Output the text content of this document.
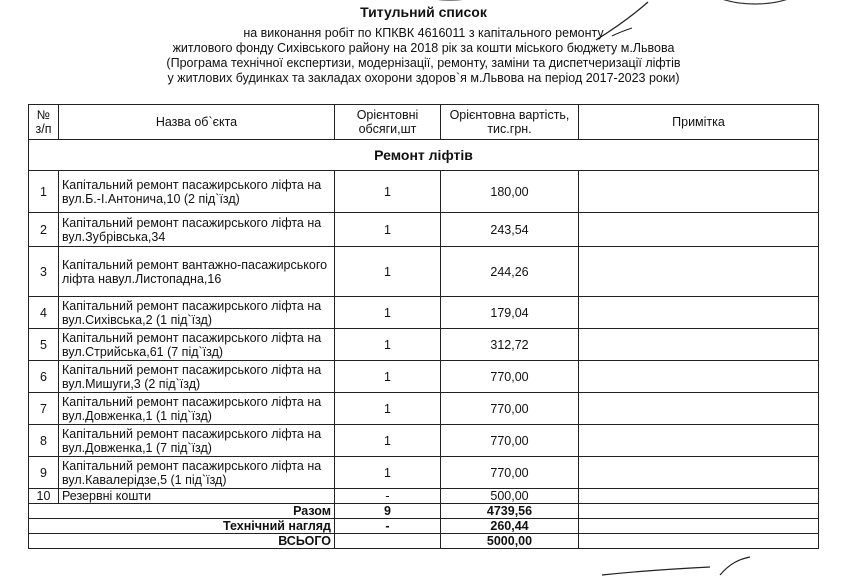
Титульний список
на виконання робіт по КПКВК 4616011 з капітального ремонту
житлового фонду Сихівського району на 2018 рік за кошти міського бюджету м.Львова
(Програма технічної експертизи, модернізації, ремонту, заміни та диспетчеризації ліфтів
у житлових будинках та закладах охорони здоров`я м.Львова на період 2017-2023 роки)
№ з/п	Назва об`єкта	Орієнтовні обсяги,шт	Орієнтовна вартість, тис.грн.	Примітка
Ремонт ліфтів				
1	Капітальний ремонт пасажирського ліфта на вул.Б.-І.Антонича,10 (2 під`їзд)	1	180,00	
2	Капітальний ремонт пасажирського ліфта на вул.Зубрівська,34	1	243,54	
3	Капітальний ремонт вантажно-пасажирського ліфта навул.Листопадна,16	1	244,26	
4	Капітальний ремонт пасажирського ліфта на вул.Сихівська,2 (1 під`їзд)	1	179,04	
5	Капітальний ремонт пасажирського ліфта на вул.Стрийська,61 (7 під`їзд)	1	312,72	
6	Капітальний ремонт пасажирського ліфта на вул.Мишуги,3 (2 під`їзд)	1	770,00	
7	Капітальний ремонт пасажирського ліфта на вул.Довженка,1 (1 під`їзд)	1	770,00	
8	Капітальний ремонт пасажирського ліфта на вул.Довженка,1 (7 під`їзд)	1	770,00	
9	Капітальний ремонт пасажирського ліфта на вул.Кавалерідзе,5 (1 під`їзд)	1	770,00	
10	Резервні кошти	-	500,00	
Разом		9	4739,56	
Технічний нагляд		-	260,44	
ВСЬОГО			5000,00	
